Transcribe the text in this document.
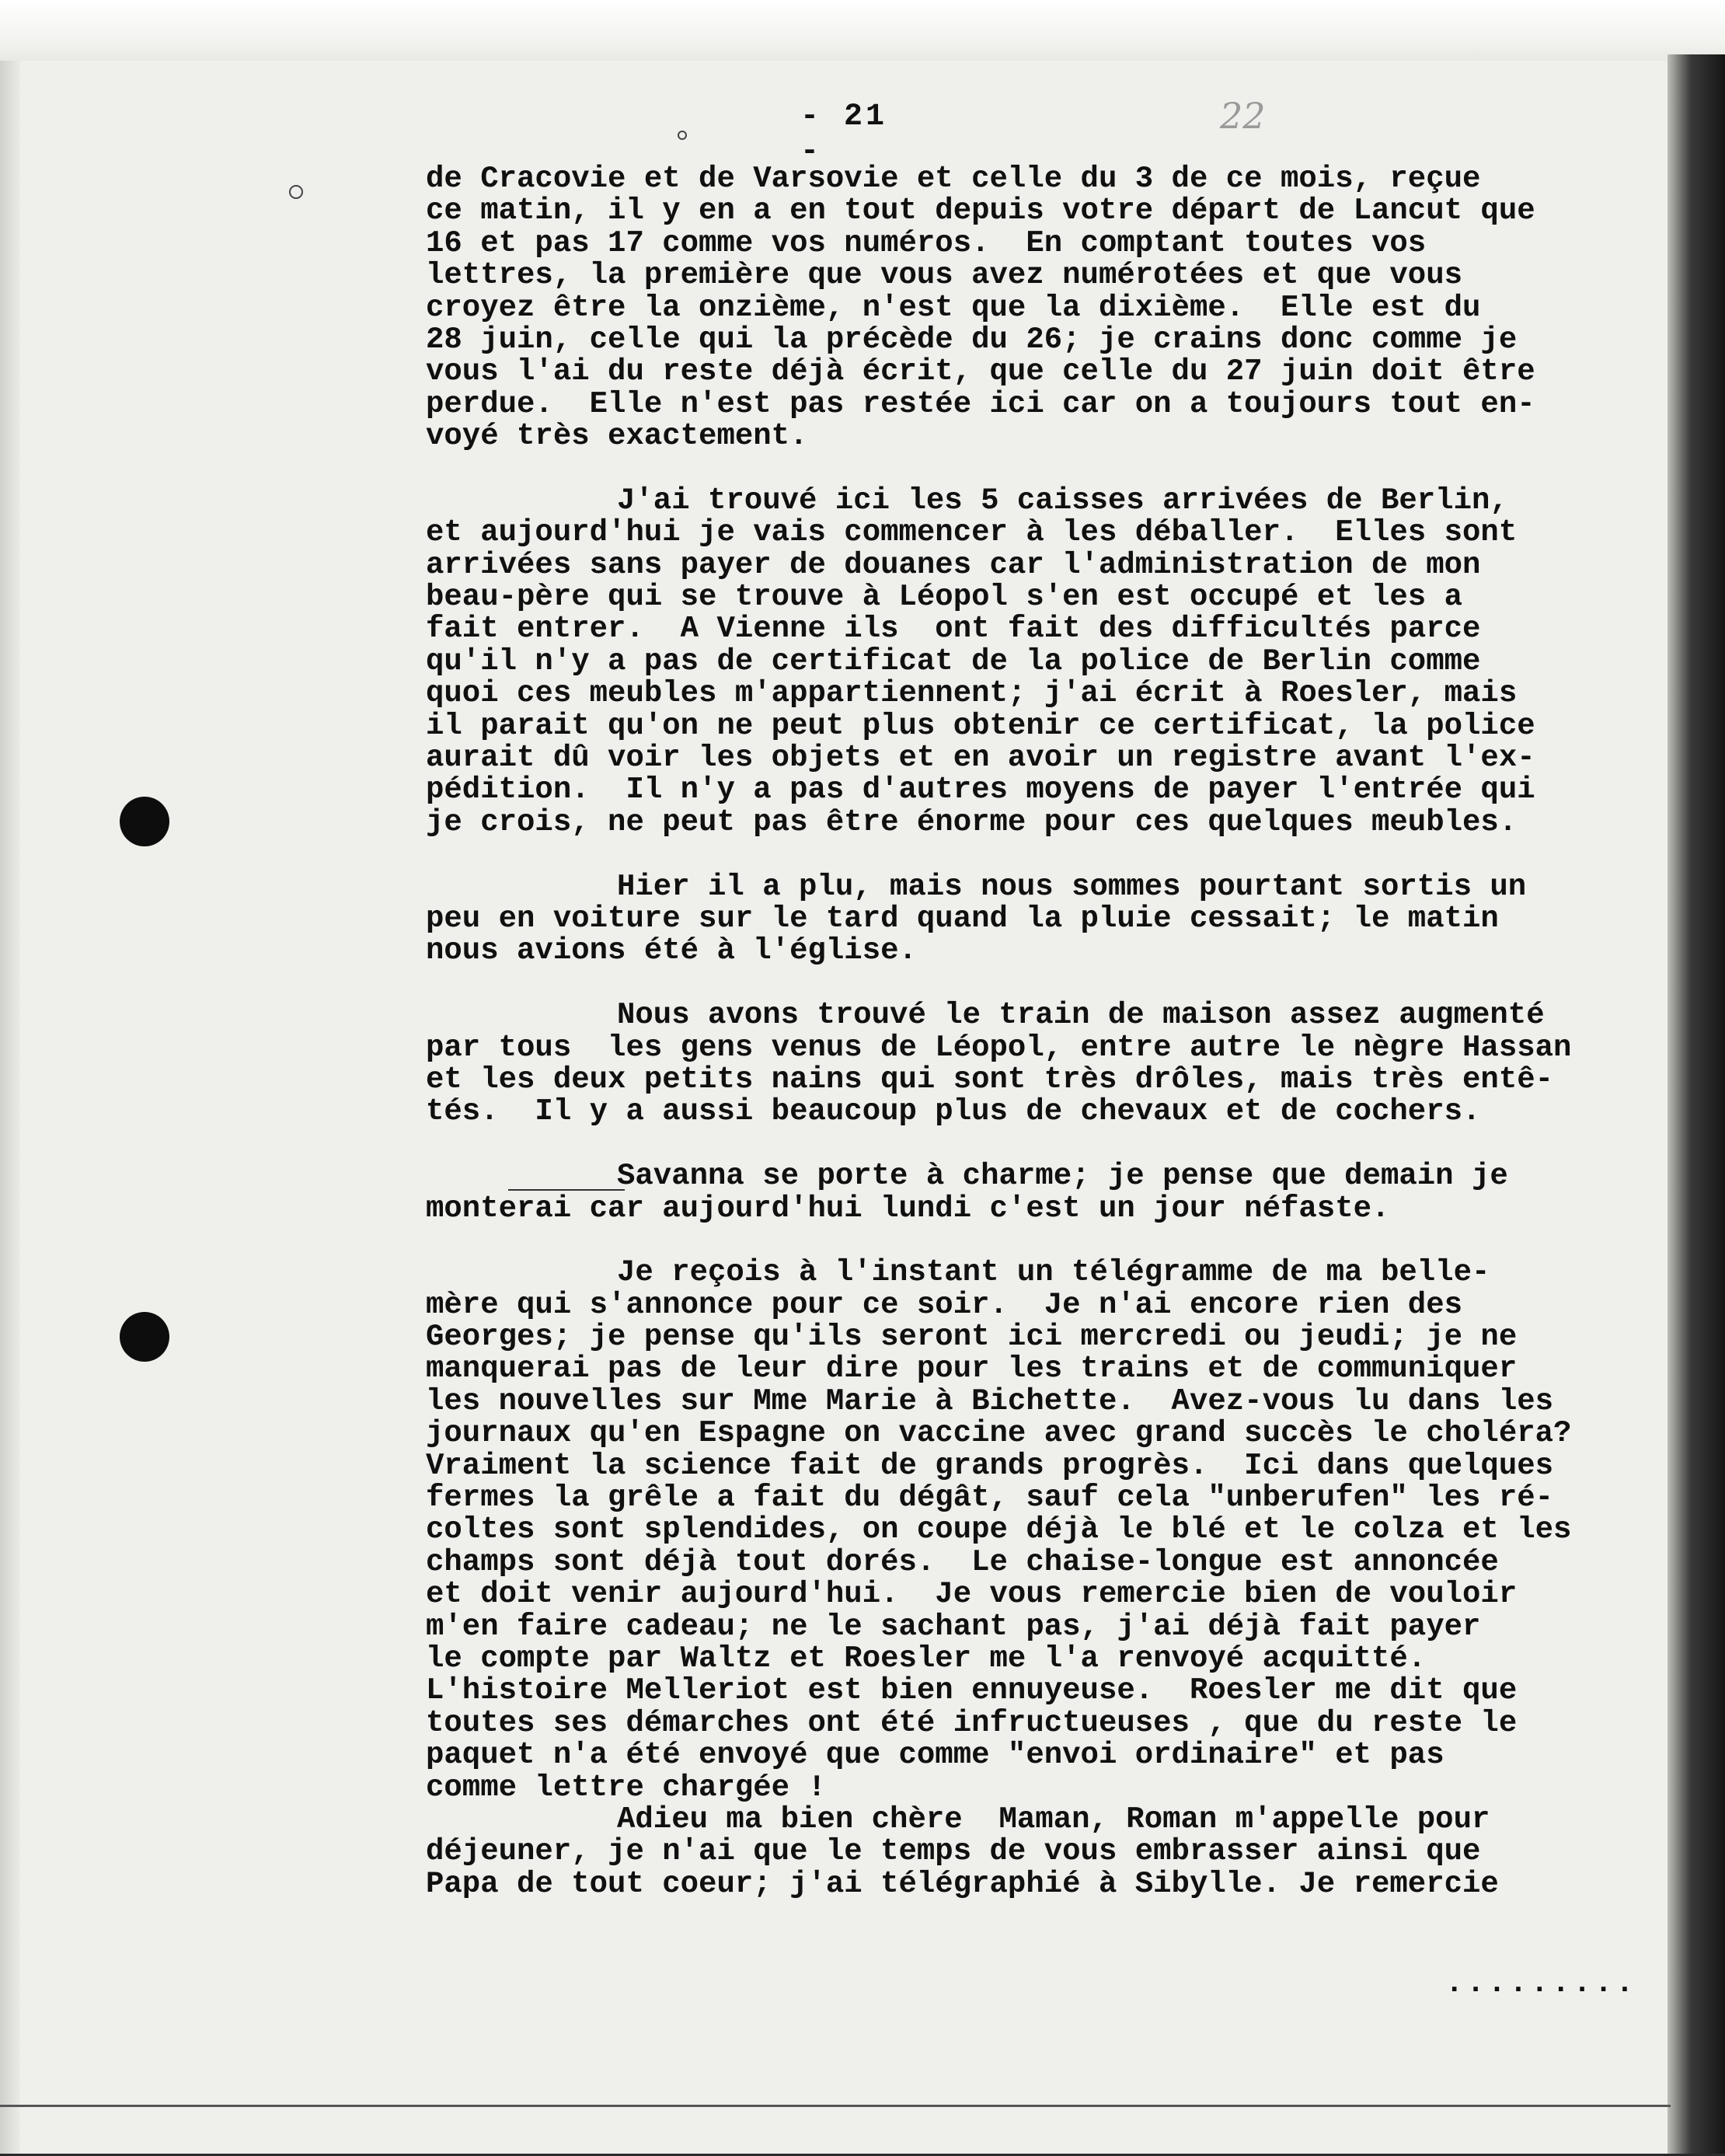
- 21 -
22
de Cracovie et de Varsovie et celle du 3 de ce mois, reçue
ce matin, il y en a en tout depuis votre départ de Lancut que
16 et pas 17 comme vos numéros.  En comptant toutes vos
lettres, la première que vous avez numérotées et que vous
croyez être la onzième, n'est que la dixième.  Elle est du
28 juin, celle qui la précède du 26; je crains donc comme je
vous l'ai du reste déjà écrit, que celle du 27 juin doit être
perdue.  Elle n'est pas restée ici car on a toujours tout en-
voyé très exactement.
J'ai trouvé ici les 5 caisses arrivées de Berlin,
et aujourd'hui je vais commencer à les déballer.  Elles sont
arrivées sans payer de douanes car l'administration de mon
beau-père qui se trouve à Léopol s'en est occupé et les a
fait entrer.  A Vienne ils  ont fait des difficultés parce
qu'il n'y a pas de certificat de la police de Berlin comme
quoi ces meubles m'appartiennent; j'ai écrit à Roesler, mais
il parait qu'on ne peut plus obtenir ce certificat, la police
aurait dû voir les objets et en avoir un registre avant l'ex-
pédition.  Il n'y a pas d'autres moyens de payer l'entrée qui
je crois, ne peut pas être énorme pour ces quelques meubles.
Hier il a plu, mais nous sommes pourtant sortis un
peu en voiture sur le tard quand la pluie cessait; le matin
nous avions été à l'église.
Nous avons trouvé le train de maison assez augmenté
par tous  les gens venus de Léopol, entre autre le nègre Hassan
et les deux petits nains qui sont très drôles, mais très entê-
tés.  Il y a aussi beaucoup plus de chevaux et de cochers.
Savanna se porte à charme; je pense que demain je
monterai car aujourd'hui lundi c'est un jour néfaste.
Je reçois à l'instant un télégramme de ma belle-
mère qui s'annonce pour ce soir.  Je n'ai encore rien des
Georges; je pense qu'ils seront ici mercredi ou jeudi; je ne
manquerai pas de leur dire pour les trains et de communiquer
les nouvelles sur Mme Marie à Bichette.  Avez-vous lu dans les
journaux qu'en Espagne on vaccine avec grand succès le choléra?
Vraiment la science fait de grands progrès.  Ici dans quelques
fermes la grêle a fait du dégât, sauf cela "unberufen" les ré-
coltes sont splendides, on coupe déjà le blé et le colza et les
champs sont déjà tout dorés.  Le chaise-longue est annoncée
et doit venir aujourd'hui.  Je vous remercie bien de vouloir
m'en faire cadeau; ne le sachant pas, j'ai déjà fait payer
le compte par Waltz et Roesler me l'a renvoyé acquitté.
L'histoire Melleriot est bien ennuyeuse.  Roesler me dit que
toutes ses démarches ont été infructueuses , que du reste le
paquet n'a été envoyé que comme "envoi ordinaire" et pas
comme lettre chargée !
Adieu ma bien chère  Maman, Roman m'appelle pour
déjeuner, je n'ai que le temps de vous embrasser ainsi que
Papa de tout coeur; j'ai télégraphié à Sibylle. Je remercie
.........
